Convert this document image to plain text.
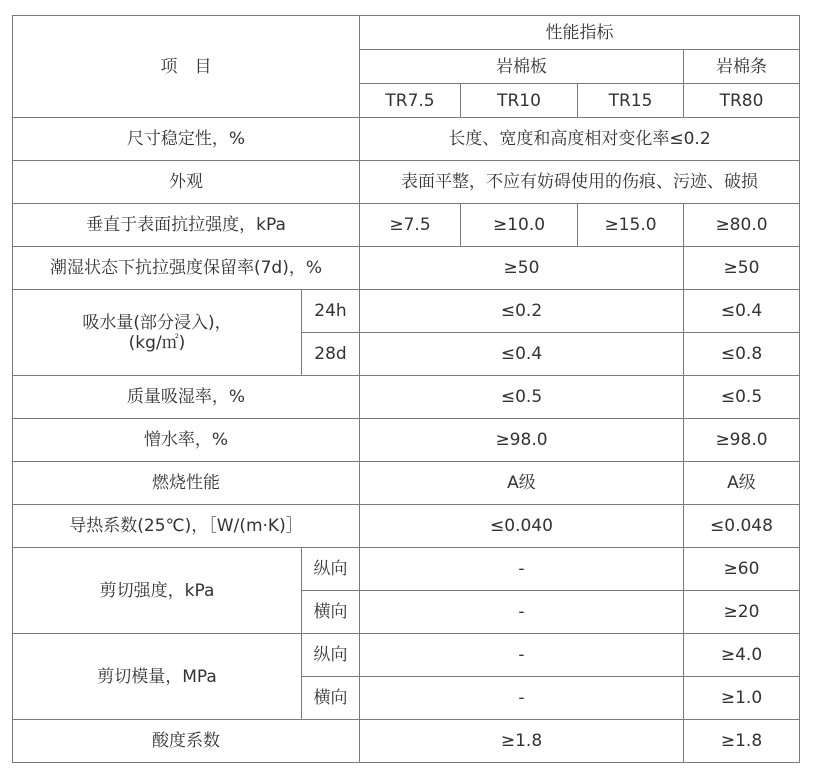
项　目		性能指标			
		岩棉板			岩棉条
		TR7.5	TR10	TR15	TR80
尺寸稳定性，%		长度、宽度和高度相对变化率≤0.2			
外观		表面平整，不应有妨碍使用的伤痕、污迹、破损			
垂直于表面抗拉强度，kPa		≥7.5	≥10.0	≥15.0	≥80.0
潮湿状态下抗拉强度保留率(7d)，%		≥50			≥50
吸水量(部分浸入)，
(kg/㎡)	24h	≤0.2			≤0.4
	28d	≤0.4			≤0.8
质量吸湿率，%		≤0.5			≤0.5
憎水率，%		≥98.0			≥98.0
燃烧性能		A级			A级
导热系数(25℃)，［W/(m·K)］		≤0.040			≤0.048
剪切强度，kPa	纵向	-			≥60
	横向	-			≥20
剪切模量，MPa	纵向	-			≥4.0
	横向	-			≥1.0
酸度系数		≥1.8			≥1.8
